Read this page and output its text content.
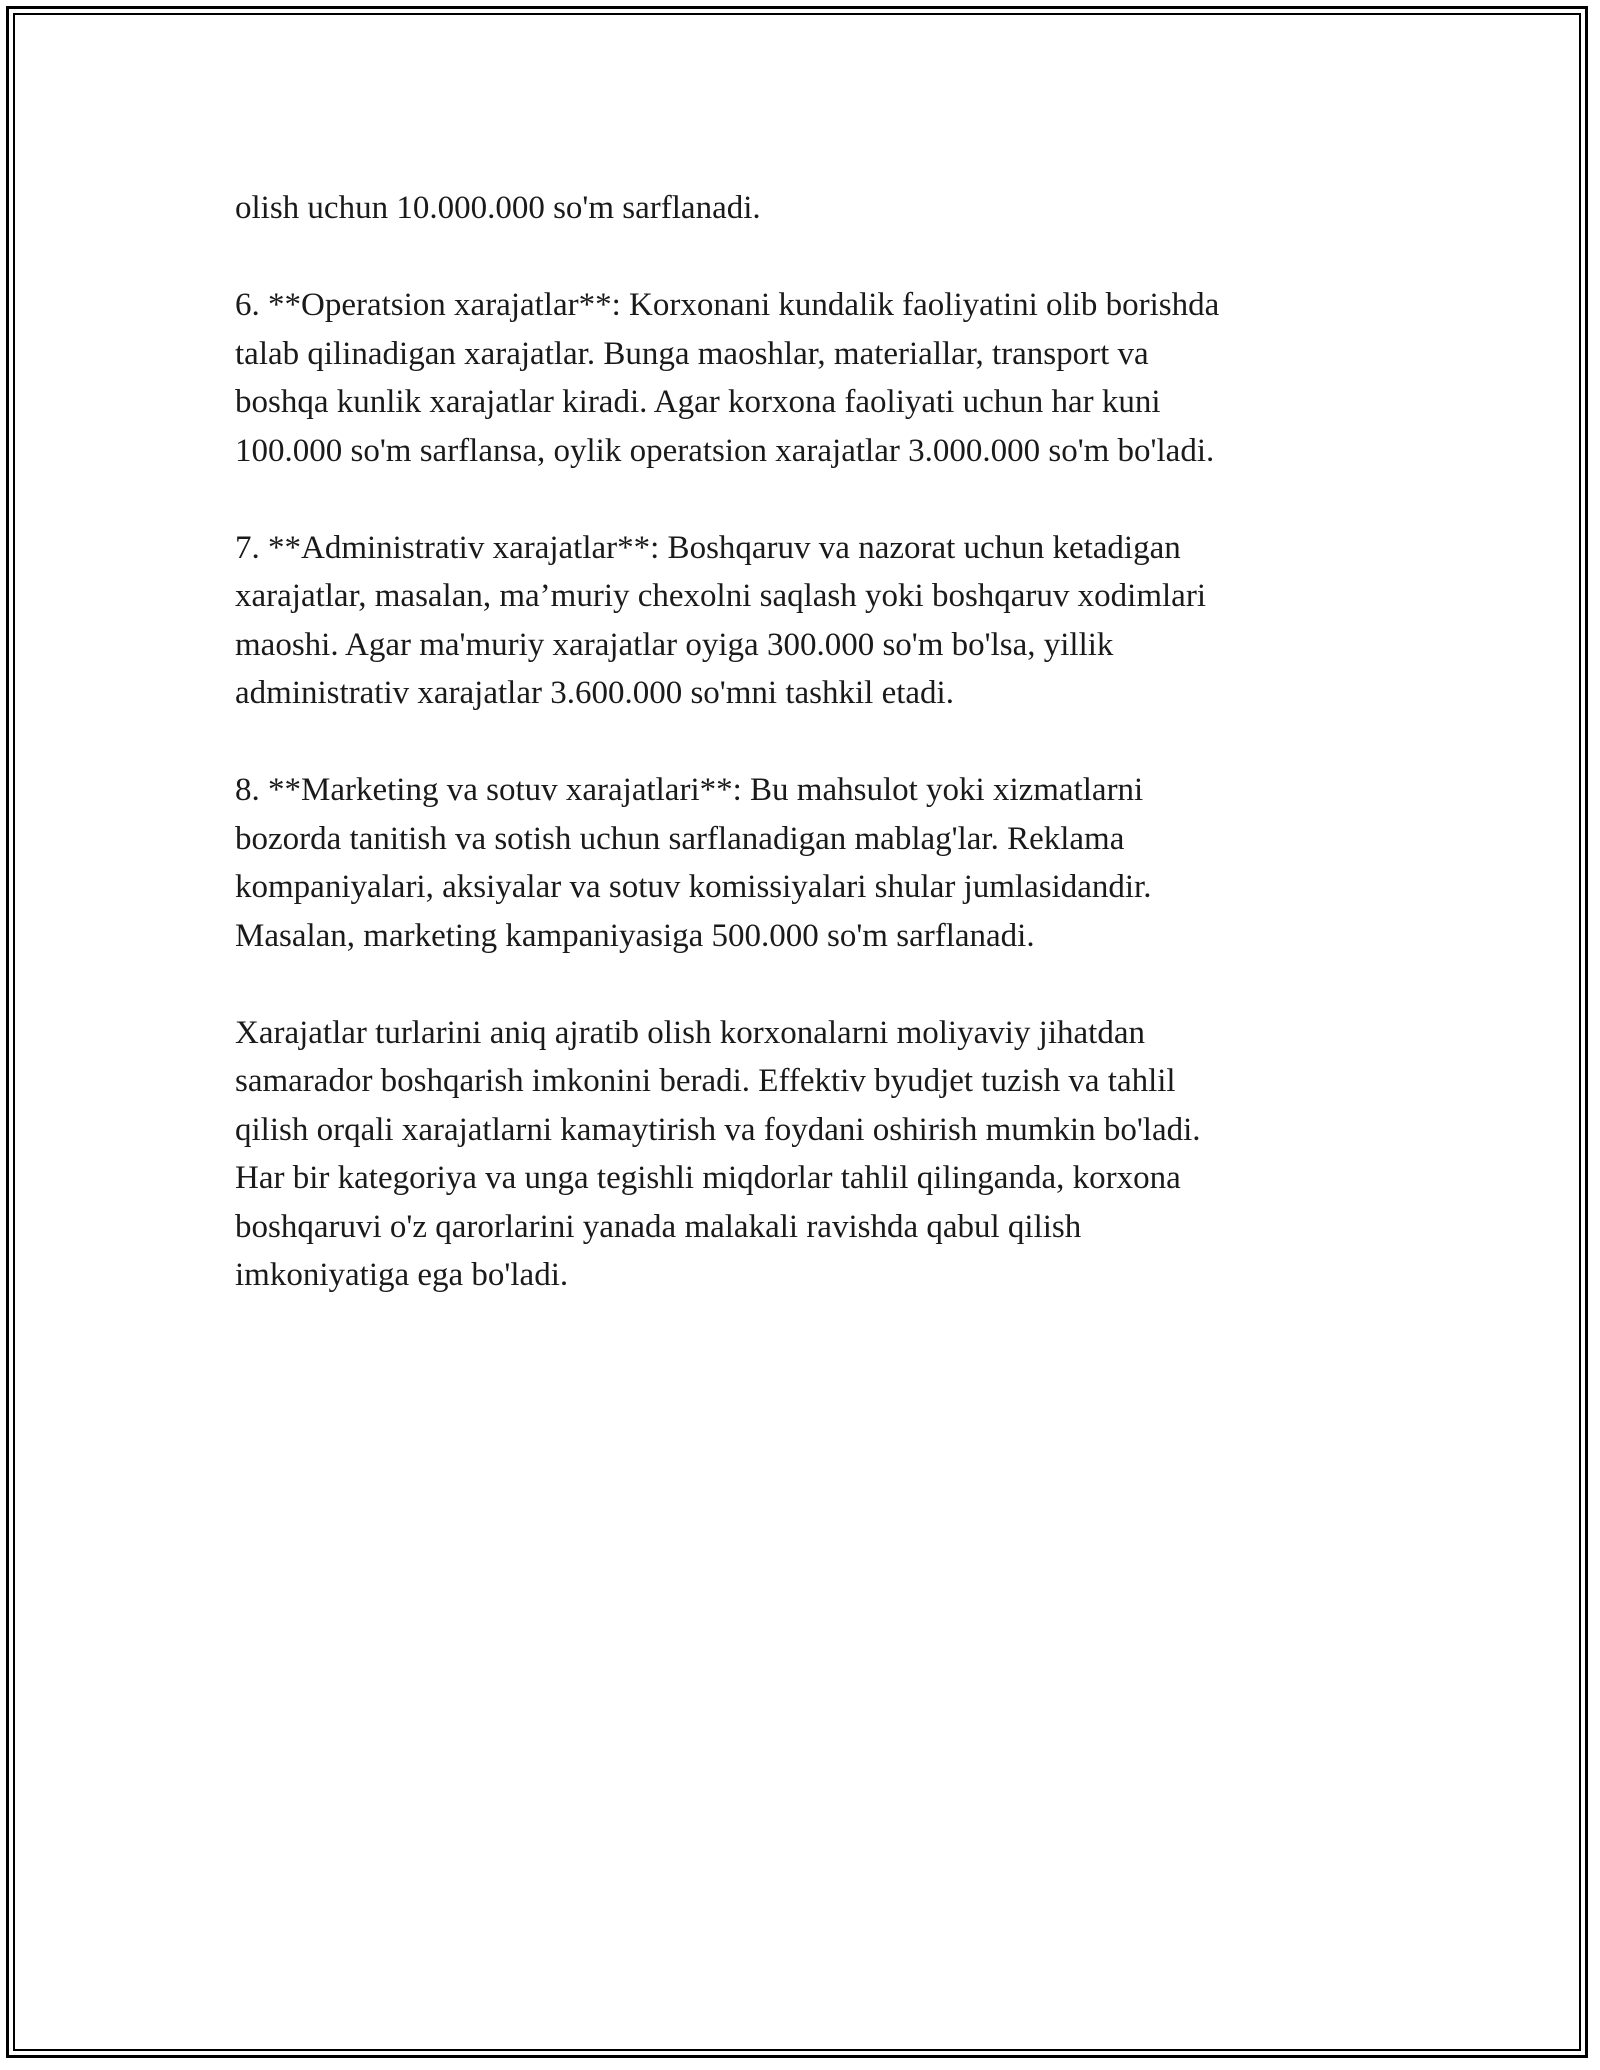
olish uchun 10.000.000 so'm sarflanadi.

6. **Operatsion xarajatlar**: Korxonani kundalik faoliyatini olib borishda
talab qilinadigan xarajatlar. Bunga maoshlar, materiallar, transport va
boshqa kunlik xarajatlar kiradi. Agar korxona faoliyati uchun har kuni
100.000 so'm sarflansa, oylik operatsion xarajatlar 3.000.000 so'm bo'ladi.

7. **Administrativ xarajatlar**: Boshqaruv va nazorat uchun ketadigan
xarajatlar, masalan, ma’muriy chexolni saqlash yoki boshqaruv xodimlari
maoshi. Agar ma'muriy xarajatlar oyiga 300.000 so'm bo'lsa, yillik
administrativ xarajatlar 3.600.000 so'mni tashkil etadi.

8. **Marketing va sotuv xarajatlari**: Bu mahsulot yoki xizmatlarni
bozorda tanitish va sotish uchun sarflanadigan mablag'lar. Reklama
kompaniyalari, aksiyalar va sotuv komissiyalari shular jumlasidandir.
Masalan, marketing kampaniyasiga 500.000 so'm sarflanadi.

Xarajatlar turlarini aniq ajratib olish korxonalarni moliyaviy jihatdan
samarador boshqarish imkonini beradi. Effektiv byudjet tuzish va tahlil
qilish orqali xarajatlarni kamaytirish va foydani oshirish mumkin bo'ladi.
Har bir kategoriya va unga tegishli miqdorlar tahlil qilinganda, korxona
boshqaruvi o'z qarorlarini yanada malakali ravishda qabul qilish
imkoniyatiga ega bo'ladi.
